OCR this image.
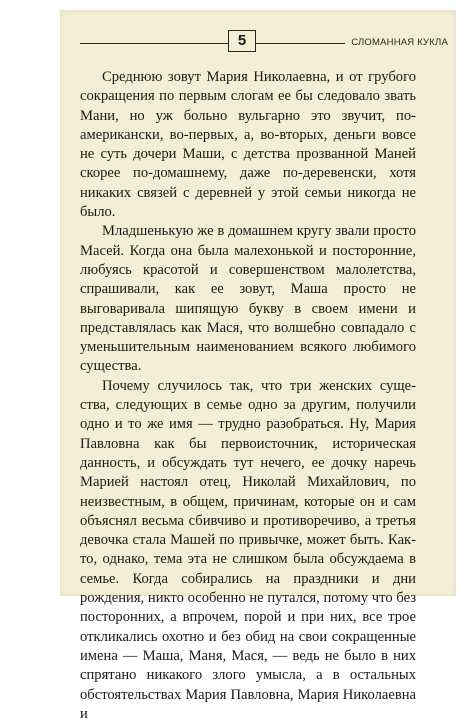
5	СЛОМАННАЯ КУКЛА

Среднюю зовут Мария Николаевна, и от грубого сокращения по первым слогам ее бы следовало звать Мани, но уж больно вульгарно это звучит, по-американски, во-первых, а, во-вторых, деньги вовсе не суть дочери Маши, с детства прозванной Маней скорее по-домашнему, даже по-деревенски, хотя никаких связей с деревней у этой семьи никогда не было.

Младшенькую же в домашнем кругу звали просто Масей. Когда она была малехонькой и посторонние, любуясь красотой и совершенством малолетства, спрашивали, как ее зовут, Маша просто не выговаривала шипящую букву в своем имени и представлялась как Мася, что волшебно совпадало с уменьшительным наименованием всякого любимого существа.

Почему случилось так, что три женских существа, следующих в семье одно за другим, получили одно и то же имя — трудно разобраться. Ну, Мария Павловна как бы первоисточник, историческая данность, и обсуждать тут нечего, ее дочку наречь Марией настоял отец, Николай Михайлович, по неизвестным, в общем, причинам, которые он и сам объяснял весьма сбивчиво и противоречиво, а третья девочка стала Машей по привычке, может быть. Как-то, однако, тема эта не слишком была обсуждаема в семье. Когда собирались на праздники и дни рождения, никто особенно не путался, потому что без посторонних, а впрочем, порой и при них, все трое откликались охотно и без обид на свои сокращенные имена — Маша, Маня, Мася, — ведь не было в них спрятано никакого злого умысла, а в остальных обстоятельствах Мария Павловна, Мария Николаевна и
